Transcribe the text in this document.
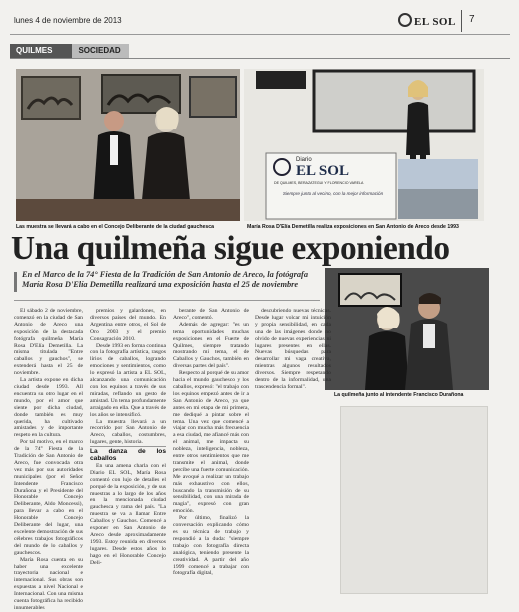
lunes 4 de noviembre de 2013	EL SOL 7
QUILMES	SOCIEDAD
Las muestra se llevará a cabo en el Concejo Deliberante de la ciudad gauchesca
Diario
EL SOL
DE QUILMES, BERAZATEGUI Y FLORENCIO VARELA
Siempre junto al vecino, con la mejor información
María Rosa D'Elía Demetilla realiza exposiciones en San Antonio de Areco desde 1993
Una quilmeña sigue exponiendo
En el Marco de la 74° Fiesta de la Tradición de San Antonio de Areco, la fotógrafa María Rosa D'Elía Demetilla realizará una exposición hasta el 25 de noviembre
La quilmeña junto al intendente Francisco Durañona

El sábado 2 de noviembre, comenzó en la ciudad de San Antonio de Areco una exposición de la destacada fotógrafa quilmeña María Rosa D'Elía Demetilla. La misma titulada "Entre caballos y gauchos", se extenderá hasta el 25 de noviembre.

La artista expone en dicha ciudad desde 1993. All encuentra su otro lugar en el mundo, por el amor que siente por dicha ciudad, donde también es muy querida, ha cultivado amistades y de importante respeto en la cultura.

Por tal motivo, en el marco de la 74° Fiesta de la Tradición de San Antonio de Areco, fue convocada otra vez más por sus autoridades municipales (por el Señor Intendente Francisco Durañona y el Presidente del Honorable Concejo Deliberante, Aldo Moncessi), para llevar a cabo en el Honorable Concejo Deliberante del lugar, una excelente demostración de sus célebres trabajos fotográficos del mundo de lo caballos y gauchescos.

María Rosa cuenta en su haber una excelente trayectoria nacional e internacional. Sus obras son expuestas a nivel Nacional e Internacional. Con una misma cuenta fotográfica ha recibido innumerables

premios y galardones, en diversos países del mundo. En Argentina entre otros, el Sol de Oro 2003 y el premio Consagración 2010.

Desde 1993 en forma continua con la fotografía artística, rasgos lírios de caballos, logrando emociones y sentimientos, como lo expresó la artista a EL SOL, alcanzando una comunicación con los equinos a través de sus miradas, reflando un gesto de amistad. Un tema profundamente arraigado en ella. Que a través de los años se intensificó.

La muestra llevará a un recorrido por San Antonio de Areco, caballos, costumbres, lugares, gente, historia.

La danza de los caballos

En una amena charla con el Diario EL SOL, María Rosa comentó con lujo de detalles el porqué de la exposición, y de sus muestras a lo largo de los años en la mencionada ciudad gauchesca y rama del país. "La muestra se va a llamar Entre Caballos y Gauchos. Comencé a exponer en San Antonio de Areco desde aproximadamente 1993. Estoy reunida en diversos lugares. Desde estos años lo hago en el Honorable Concejo Deli-

berante de San Antonio de Areco", comentó.

Además de agregar: "es un tema oportunidades muchas exposiciones en el Fuerte de Quilmes, siempre tratando mostrando mi tema, el de Caballos y Gauchos, también en diversas partes del país".

Respecto al porqué de su amor hacia el mundo gauchesco y los caballos, expresó: "el trabajo con los equinos empezó antes de ir a San Antonio de Areco, ya que antes en mi etapa de mi primera, me dediqué a pintar sobre el tema. Una vez que comencé a viajar con mucha más frecuencia a esa ciudad, me afiancé más con el animal, me impacta su nobleza, inteligencia, nobleza, entre otros sentimientos que me transmite el animal, donde percibe una fuerte comunicación. Me avoqué a realizar un trabajo más exhaustivo con ellos, buscando la transmisión de su sensibilidad, con una mirada de magia", expresó con gran emoción.

Por último, finalizó la conversación explicando cómo es su técnica de trabajo y respondió a la duda: "siempre trabajo con fotografía directa analógica, teniendo presente la creatividad. A partir del año 1999 comencé a trabajar con fotografía digital,

descubriendo nuevas técnicas. Desde lugar volcar mi intuición y propia sensibilidad, en cada una de las imágenes donde no olvido de nuevas experiencias ni lugares presentes en ellas. Nuevas búsquedas para desarrollar mi vaga creativa, mientras algunos resultados diversos. Siempre respetando dentro de la informalidad, una trascendencia formal".
